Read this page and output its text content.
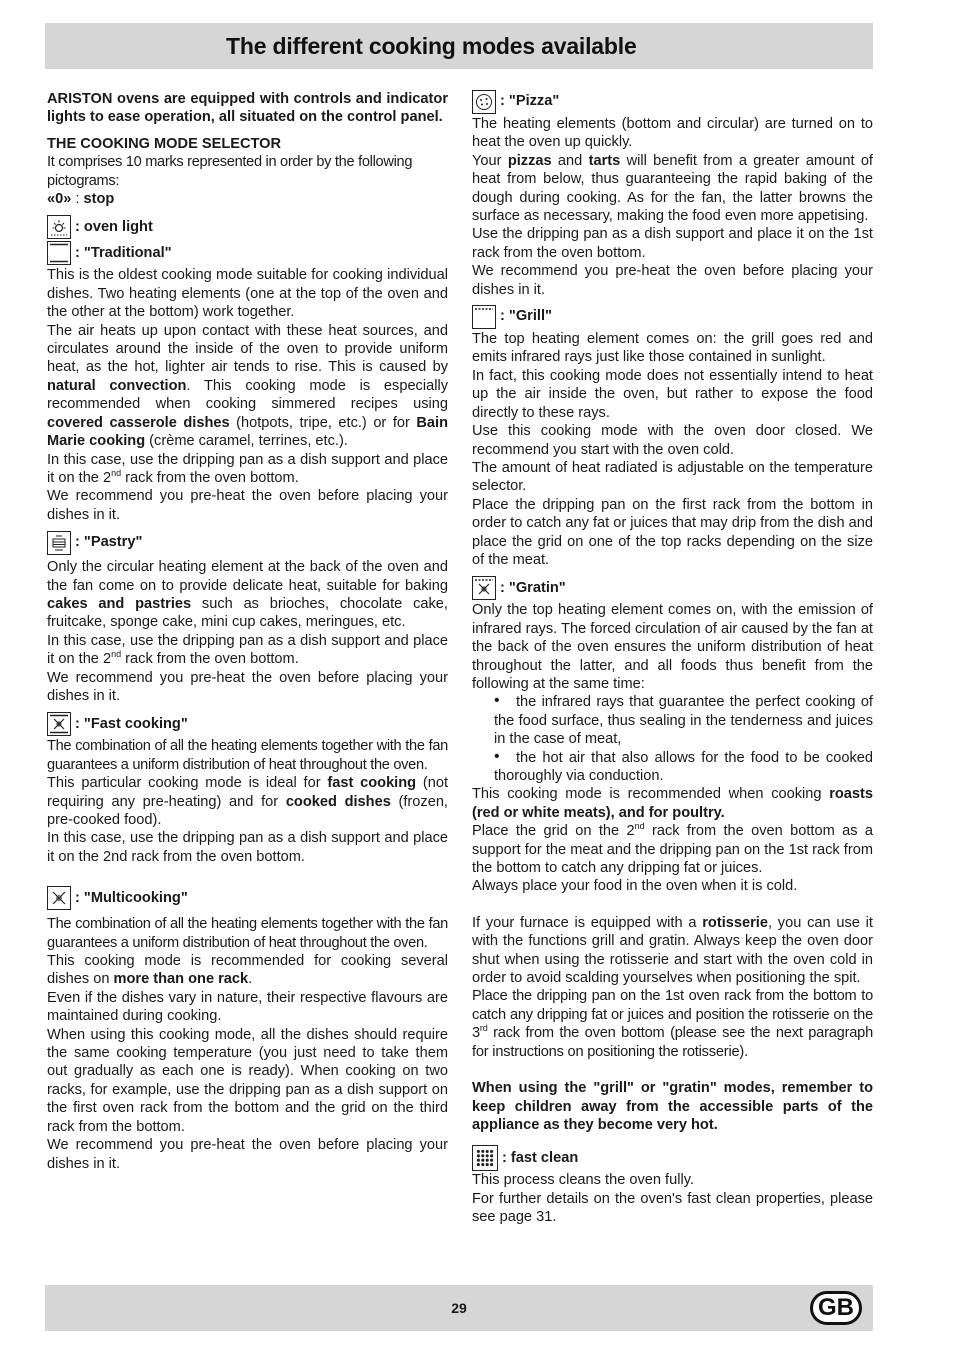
The different cooking modes available

ARISTON ovens are equipped with controls and indicator lights to ease operation, all situated on the control panel.

THE COOKING MODE SELECTOR

It comprises 10 marks represented in order by the following pictograms:

«0» : stop

: oven light
: "Traditional"

This is the oldest cooking mode suitable for cooking individual dishes. Two heating elements (one at the top of the oven and the other at the bottom) work together.

The air heats up upon contact with these heat sources, and circulates around the inside of the oven to provide uniform heat, as the hot, lighter air tends to rise. This is caused by natural convection. This cooking mode is especially recommended when cooking simmered recipes using covered casserole dishes (hotpots, tripe, etc.) or for Bain Marie cooking (crème caramel, terrines, etc.).

In this case, use the dripping pan as a dish support and place it on the 2nd rack from the oven bottom.

We recommend you pre-heat the oven before placing your dishes in it.

: "Pastry"

Only the circular heating element at the back of the oven and the fan come on to provide delicate heat, suitable for baking cakes and pastries such as brioches, chocolate cake, fruitcake, sponge cake, mini cup cakes, meringues, etc.

In this case, use the dripping pan as a dish support and place it on the 2nd rack from the oven bottom.

We recommend you pre-heat the oven before placing your dishes in it.

: "Fast cooking"

The combination of all the heating elements together with the fan guarantees a uniform distribution of heat throughout the oven.

This particular cooking mode is ideal for fast cooking (not requiring any pre-heating) and for cooked dishes (frozen, pre-cooked food).

In this case, use the dripping pan as a dish support and place it on the 2nd rack from the oven bottom.

: "Multicooking"

The combination of all the heating elements together with the fan guarantees a uniform distribution of heat throughout the oven.

This cooking mode is recommended for cooking several dishes on more than one rack.

Even if the dishes vary in nature, their respective flavours are maintained during cooking.

When using this cooking mode, all the dishes should require the same cooking temperature (you just need to take them out gradually as each one is ready). When cooking on two racks, for example, use the dripping pan as a dish support on the first oven rack from the bottom and the grid on the third rack from the bottom.

We recommend you pre-heat the oven before placing your dishes in it.

: "Pizza"

The heating elements (bottom and circular) are turned on to heat the oven up quickly.

Your pizzas and tarts will benefit from a greater amount of heat from below, thus guaranteeing the rapid baking of the dough during cooking. As for the fan, the latter browns the surface as necessary, making the food even more appetising.

Use the dripping pan as a dish support and place it on the 1st rack from the oven bottom.

We recommend you pre-heat the oven before placing your dishes in it.

: "Grill"

The top heating element comes on: the grill goes red and emits infrared rays just like those contained in sunlight.

In fact, this cooking mode does not essentially intend to heat up the air inside the oven, but rather to expose the food directly to these rays.

Use this cooking mode with the oven door closed. We recommend you start with the oven cold.

The amount of heat radiated is adjustable on the temperature selector.

Place the dripping pan on the first rack from the bottom in order to catch any fat or juices that may drip from the dish and place the grid on one of the top racks depending on the size of the meat.

: "Gratin"

Only the top heating element comes on, with the emission of infrared rays. The forced circulation of air caused by the fan at the back of the oven ensures the uniform distribution of heat throughout the latter, and all foods thus benefit from the following at the same time:

• the infrared rays that guarantee the perfect cooking of the food surface, thus sealing in the tenderness and juices in the case of meat,
• the hot air that also allows for the food to be cooked thoroughly via conduction.

This cooking mode is recommended when cooking roasts (red or white meats), and for poultry.

Place the grid on the 2nd rack from the oven bottom as a support for the meat and the dripping pan on the 1st rack from the bottom to catch any dripping fat or juices.

Always place your food in the oven when it is cold.

If your furnace is equipped with a rotisserie, you can use it with the functions grill and gratin. Always keep the oven door shut when using the rotisserie and start with the oven cold in order to avoid scalding yourselves when positioning the spit.

Place the dripping pan on the 1st oven rack from the bottom to catch any dripping fat or juices and position the rotisserie on the 3rd rack from the oven bottom (please see the next paragraph for instructions on positioning the rotisserie).

When using the "grill" or "gratin" modes, remember to keep children away from the accessible parts of the appliance as they become very hot.

: fast clean

This process cleans the oven fully.

For further details on the oven's fast clean properties, please see page 31.

29	GB
